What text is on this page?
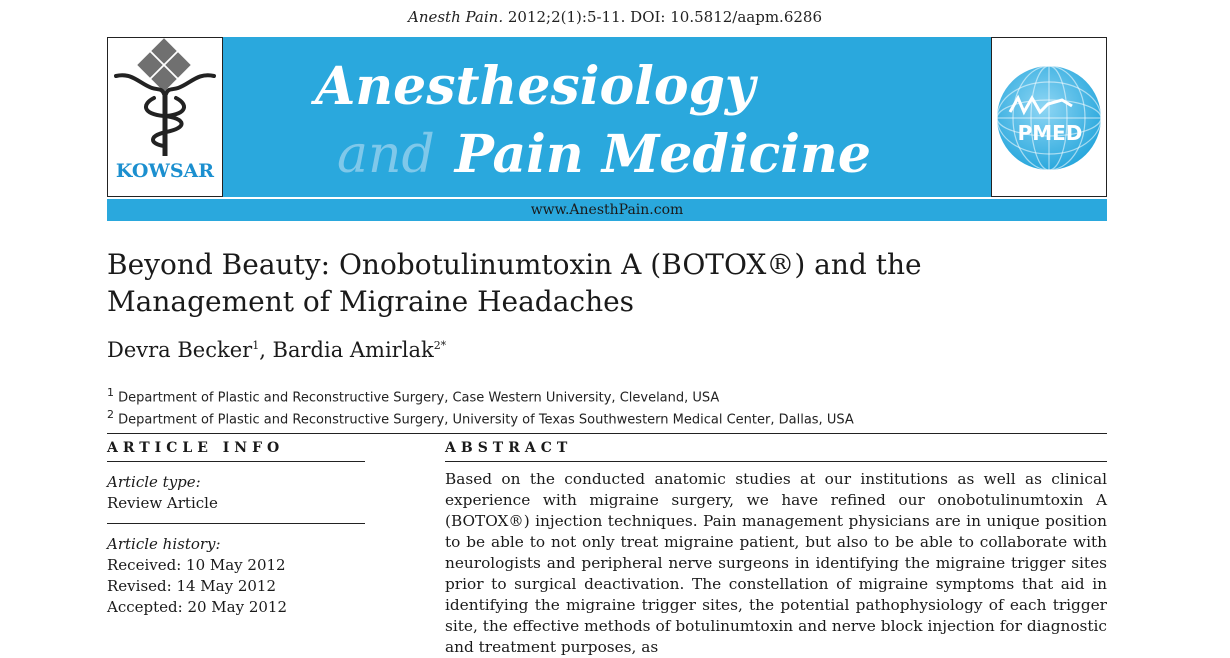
Anesth Pain. 2012;2(1):5-11. DOI: 10.5812/aapm.6286
KOWSAR
Anesthesiology
and Pain Medicine	PMED
www.AnesthPain.com
Beyond Beauty: Onobotulinumtoxin A (BOTOX®) and the Management of Migraine Headaches
Devra Becker$^1$, Bardia Amirlak$^{2*}$
$^1$ Department of Plastic and Reconstructive Surgery, Case Western University, Cleveland, USA
$^2$ Department of Plastic and Reconstructive Surgery, University of Texas Southwestern Medical Center, Dallas, USA
ARTICLE INFO	ABSTRACT
Article type:
Review Article
Article history:
Received: 10 May 2012
Revised: 14 May 2012
Accepted: 20 May 2012
Based on the conducted anatomic studies at our institutions as well as clinical experience with migraine surgery, we have refined our onobotulinumtoxin A (BOTOX®) injection techniques. Pain management physicians are in unique position to be able to not only treat migraine patient, but also to be able to collaborate with neurologists and peripheral nerve surgeons in identifying the migraine trigger sites prior to surgical deactivation. The constellation of migraine symptoms that aid in identifying the migraine trigger sites, the potential pathophysiology of each trigger site, the effective methods of botulinumtoxin and nerve block injection for diagnostic and treatment purposes, as
